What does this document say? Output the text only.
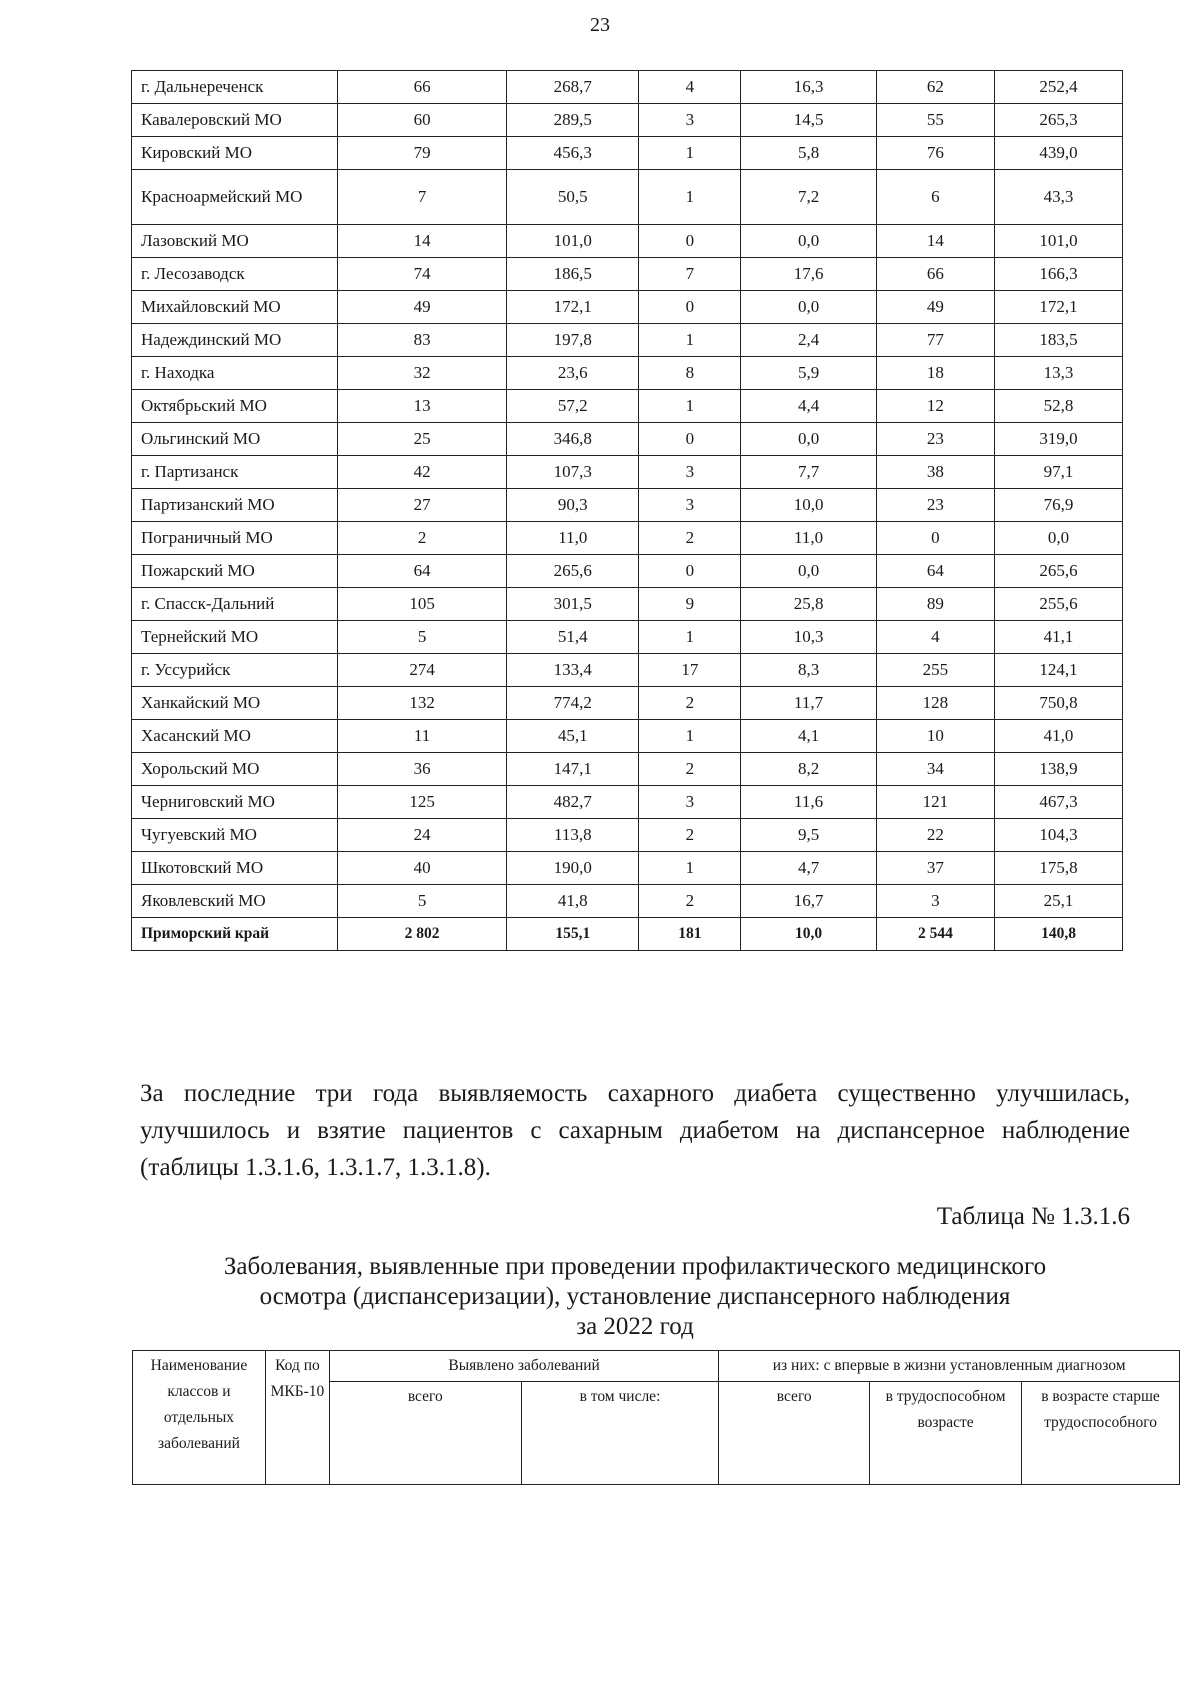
23
г. Дальнереченск	66	268,7	4	16,3	62	252,4
Кавалеровский МО	60	289,5	3	14,5	55	265,3
Кировский МО	79	456,3	1	5,8	76	439,0
Красноармейский МО	7	50,5	1	7,2	6	43,3
Лазовский МО	14	101,0	0	0,0	14	101,0
г. Лесозаводск	74	186,5	7	17,6	66	166,3
Михайловский МО	49	172,1	0	0,0	49	172,1
Надеждинский МО	83	197,8	1	2,4	77	183,5
г. Находка	32	23,6	8	5,9	18	13,3
Октябрьский МО	13	57,2	1	4,4	12	52,8
Ольгинский МО	25	346,8	0	0,0	23	319,0
г. Партизанск	42	107,3	3	7,7	38	97,1
Партизанский МО	27	90,3	3	10,0	23	76,9
Пограничный МО	2	11,0	2	11,0	0	0,0
Пожарский МО	64	265,6	0	0,0	64	265,6
г. Спасск-Дальний	105	301,5	9	25,8	89	255,6
Тернейский МО	5	51,4	1	10,3	4	41,1
г. Уссурийск	274	133,4	17	8,3	255	124,1
Ханкайский МО	132	774,2	2	11,7	128	750,8
Хасанский МО	11	45,1	1	4,1	10	41,0
Хорольский МО	36	147,1	2	8,2	34	138,9
Черниговский МО	125	482,7	3	11,6	121	467,3
Чугуевский МО	24	113,8	2	9,5	22	104,3
Шкотовский МО	40	190,0	1	4,7	37	175,8
Яковлевский МО	5	41,8	2	16,7	3	25,1
Приморский край	2 802	155,1	181	10,0	2 544	140,8

За последние три года выявляемость сахарного диабета существенно улучшилась, улучшилось и взятие пациентов с сахарным диабетом на диспансерное наблюдение (таблицы 1.3.1.6, 1.3.1.7, 1.3.1.8).

Таблица № 1.3.1.6
Заболевания, выявленные при проведении профилактического медицинского
осмотра (диспансеризации), установление диспансерного наблюдения
за 2022 год
Наименование классов и отдельных заболеваний	Код по МКБ-10	Выявлено заболеваний		из них: с впервые в жизни установленным диагнозом		
		всего	в том числе:	всего	в трудоспособном возрасте	в возрасте старше трудоспособного
